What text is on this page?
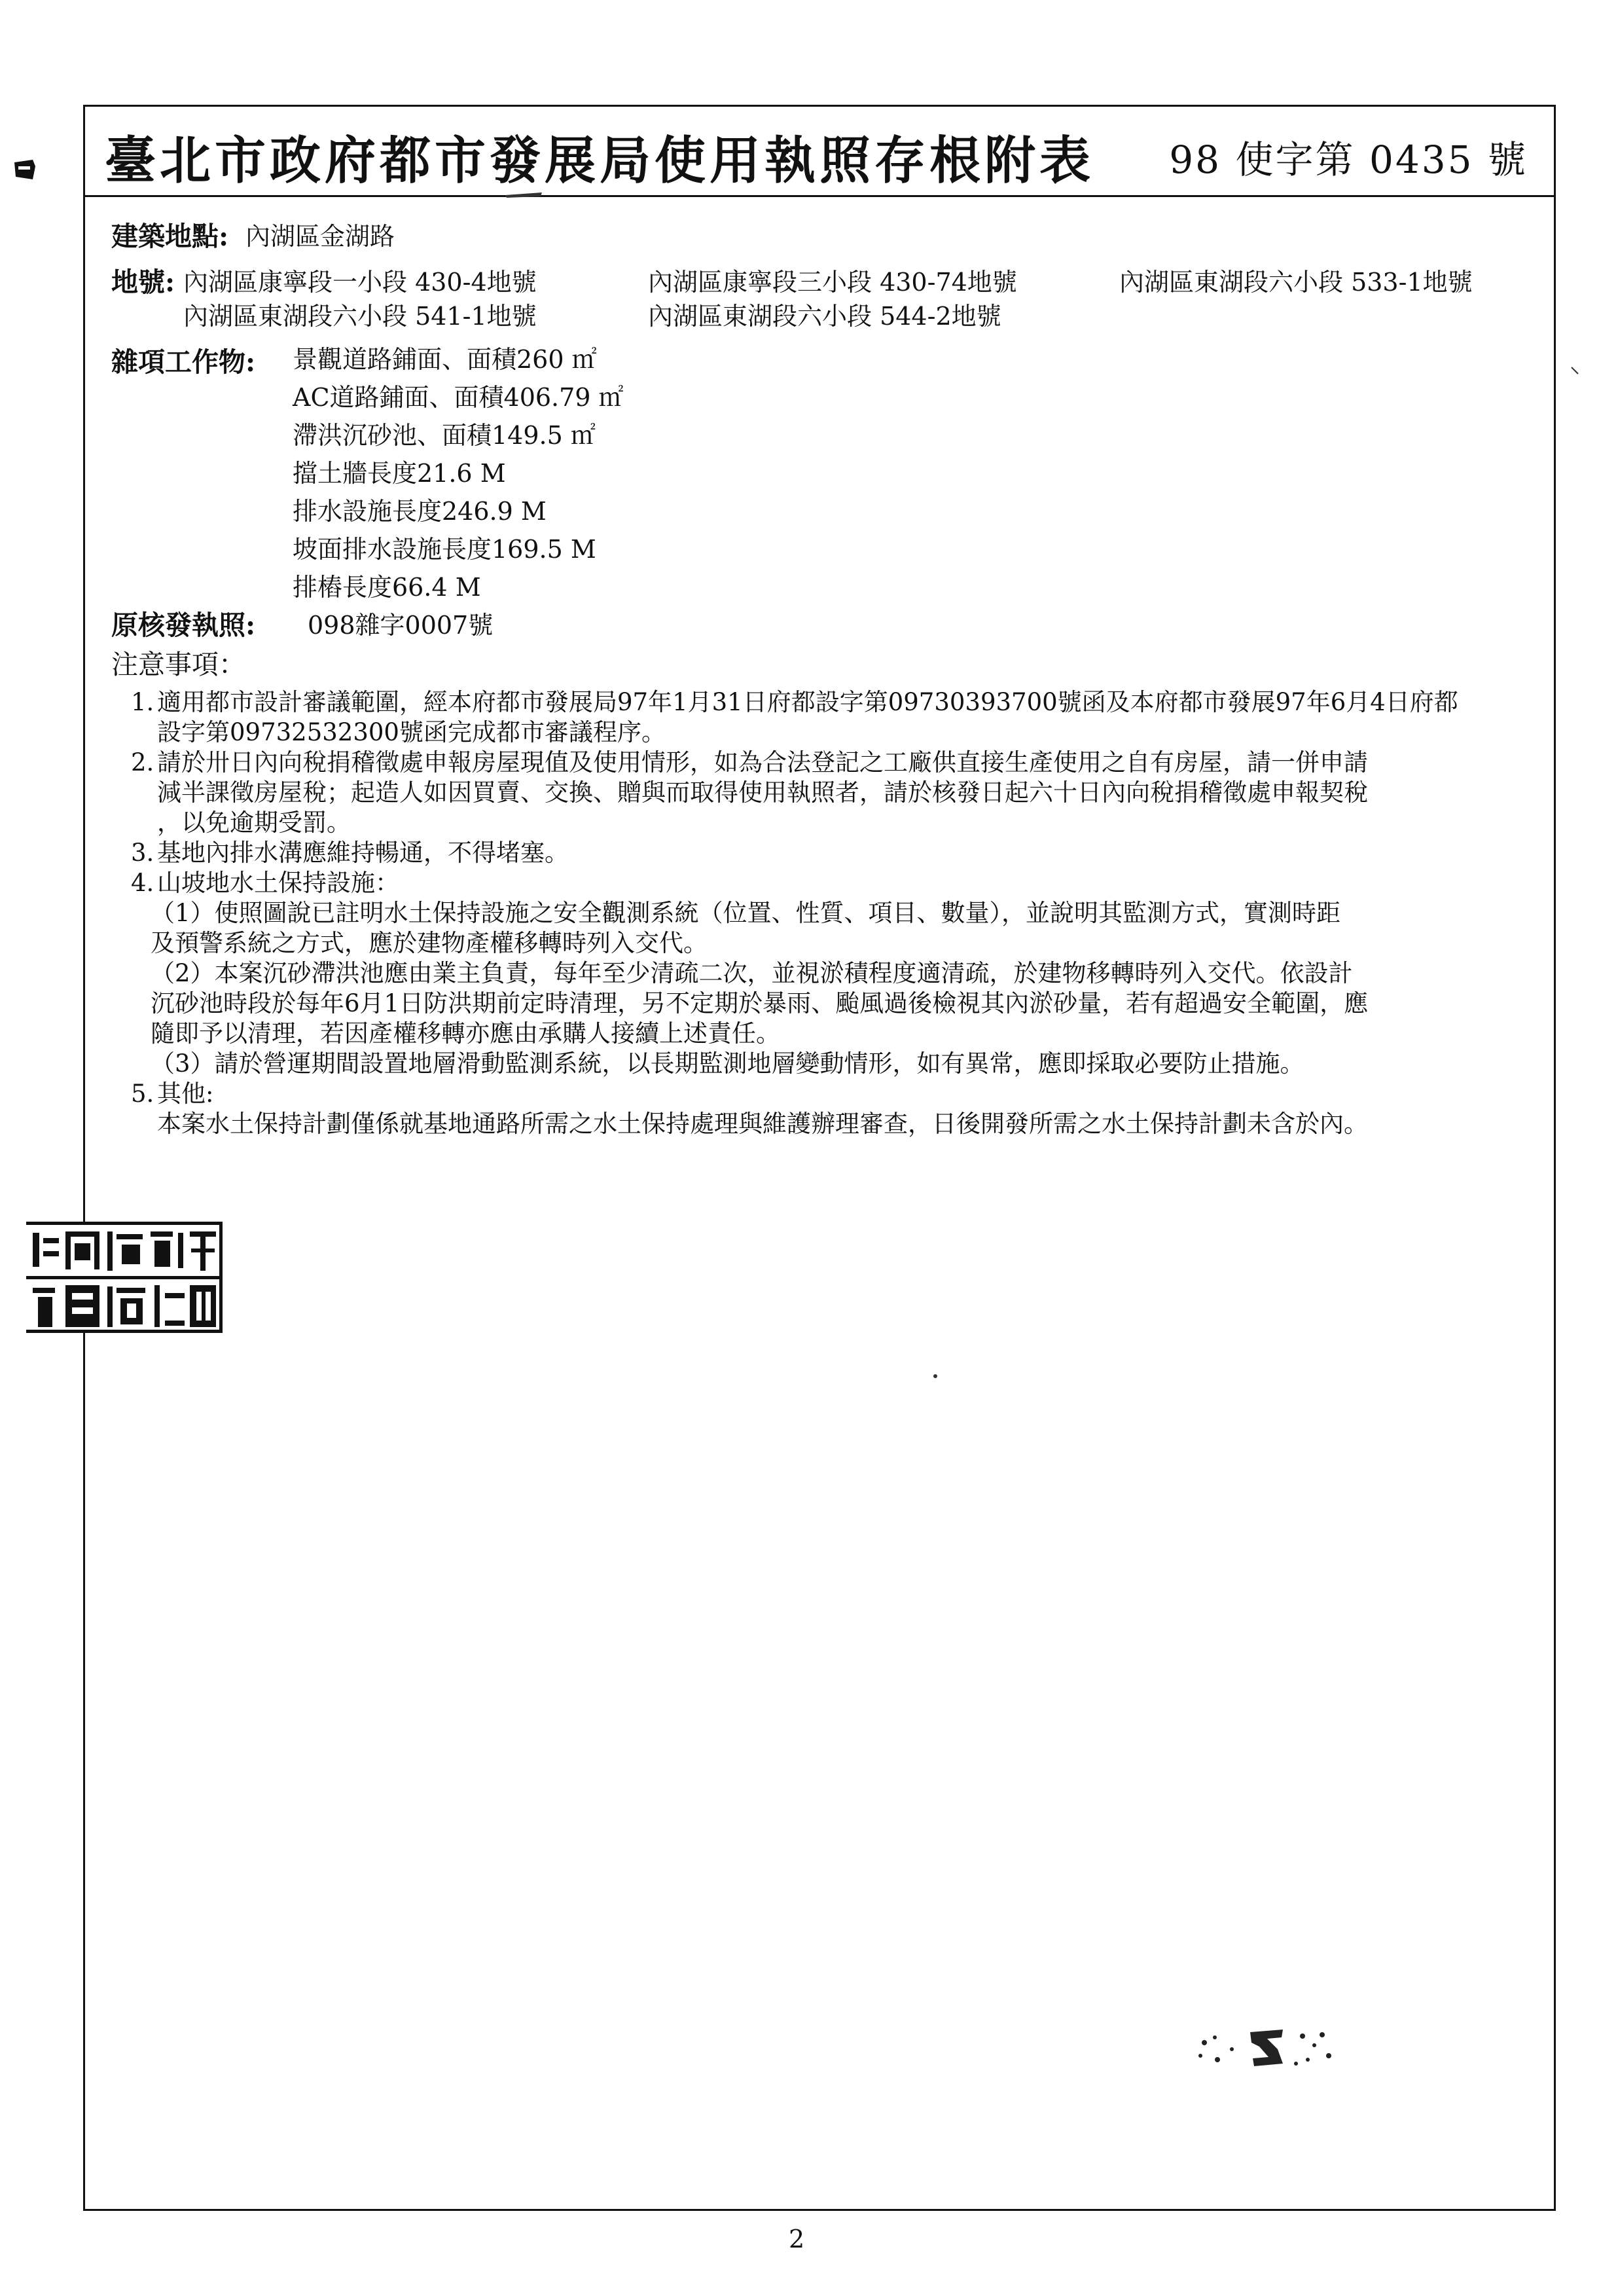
臺北市政府都市發展局使用執照存根附表 98 使字第 0435 號
建築地點: 內湖區金湖路
地號: 內湖區康寧段一小段 430-4地號	內湖區康寧段三小段 430-74地號	內湖區東湖段六小段 533-1地號
內湖區東湖段六小段 541-1地號	內湖區東湖段六小段 544-2地號
雜項工作物: 景觀道路鋪面、面積260 ㎡
AC道路鋪面、面積406.79 ㎡
滯洪沉砂池、面積149.5 ㎡
擋土牆長度21.6 M
排水設施長度246.9 M
坡面排水設施長度169.5 M
排樁長度66.4 M
原核發執照: 098雜字0007號
注意事項：
1. 適用都市設計審議範圍，經本府都市發展局97年1月31日府都設字第09730393700號函及本府都市發展97年6月4日府都
設字第09732532300號函完成都市審議程序。
2. 請於卅日內向稅捐稽徵處申報房屋現值及使用情形，如為合法登記之工廠供直接生產使用之自有房屋，請一併申請
減半課徵房屋稅；起造人如因買賣、交換、贈與而取得使用執照者，請於核發日起六十日內向稅捐稽徵處申報契稅
，以免逾期受罰。
3. 基地內排水溝應維持暢通，不得堵塞。
4. 山坡地水土保持設施：
（1）使照圖說已註明水土保持設施之安全觀測系統（位置、性質、項目、數量），並說明其監測方式，實測時距
及預警系統之方式，應於建物產權移轉時列入交代。
（2）本案沉砂滯洪池應由業主負責，每年至少清疏二次，並視淤積程度適清疏，於建物移轉時列入交代。依設計
沉砂池時段於每年6月1日防洪期前定時清理，另不定期於暴雨、颱風過後檢視其內淤砂量，若有超過安全範圍，應
隨即予以清理，若因產權移轉亦應由承購人接續上述責任。
（3）請於營運期間設置地層滑動監測系統，以長期監測地層變動情形，如有異常，應即採取必要防止措施。
5. 其他:
本案水土保持計劃僅係就基地通路所需之水土保持處理與維護辦理審查，日後開發所需之水土保持計劃未含於內。
2
